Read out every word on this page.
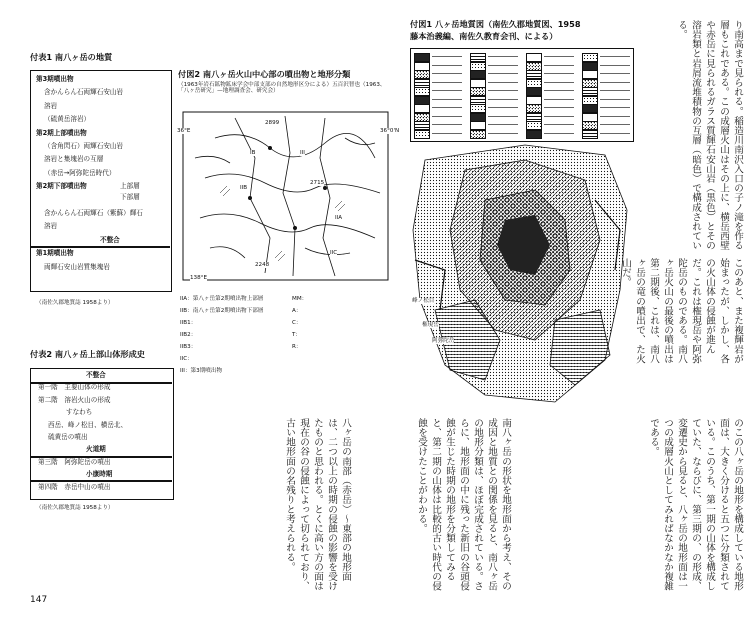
付表1 南八ヶ岳の地質
第3期噴出物
含かんらん石両輝石安山岩
溶岩
（硫黄岳溶岩）
第2期上部噴出物
（含角閃石）両輝石安山岩
溶岩と集塊岩の互層
（赤岳→阿弥陀岳時代）
第2期下部噴出物	上部層
下部層
含かんらん石両輝石（紫蘇）輝石
溶岩
不整合
第1期噴出物
両輝石安山岩質集塊岩
（南佐久郡地質誌 1958より）
付表2 南八ヶ岳上部山体形成史
不整合
第一階　主要山体の形成
第二階　溶岩火山の形成
すなわち
西岳、峰ノ松目、横岳北、
硫黄岳の噴出
火道期
第三階　阿弥陀岳の噴出
小康時期
第四階　赤岳中山の噴出
（南佐久郡地質誌 1958より）
付図2 南八ヶ岳火山中心部の噴出物と地形分類
（1963年岩石鉱物鉱床学会中部支部の自然地形区分による）五百沢智也（1963、「八ヶ岳研究」—地理調査会、研究会）
36°E	36°0'N
138°E
IIB
IIA
III
IIC
IB
2899
2715
2248
IIA：第八ヶ岳第2期噴出物上部層
IIB：南八ヶ岳第2期噴出物下部層
IIB1：
IIB2：
IIB3：
IIC：
III：第3期噴出物
MM：
A：
C：
T：
R：
付図1 八ヶ岳地質図（南佐久郡地質図、1958
藤本治義編、南佐久教育会刊、による）
峰ノ松目
権現岳
阿弥陀岳
り南高まで見られる。稲造川南沢入口の子ノ滝を作る層もこれである。この成層火山はその上に、横岳西壁や赤岳に見られるガラス質輝石安山岩（黒色）とその溶岩類と岩屑流堆積物の互層（暗色）で構成されている。
このあと、また複輝岩が始まったが、しかし、各の火山体の侵蝕が進んだ。これは権現岳や阿弥陀岳のものである。南八ヶ岳火山の最後の噴出は第二期後、これは、南八ヶ岳の竜の噴出で、た火山だ。
のこの八ヶ岳の地形を構成している地形面は、大きく分けると五つに分類されている。このうち、第一期の山体を構成していた、ならびに、第三期の、の形成、変遷史から見ると、八ヶ岳の地形面は一つの成層火山としてみればなかなか複雑である。
南八ヶ岳の形状を地形面から考え、その成因と地質との関係を見ると、南八ヶ岳の地形分類は、ほぼ完成されている。さらに、地形面の中に残った新旧の谷頭侵蝕が生じた時期の地形を分類してみると、第二期の山体は比較的古い時代の侵蝕を受けたことがわかる。
八ヶ岳の南部（赤岳）〜東部の地形面は、二つ以上の時期の侵蝕の影響を受けたものと思われる。とくに高い方の面は現在の谷の侵蝕によって切られており、古い地形面の名残りと考えられる。
147
